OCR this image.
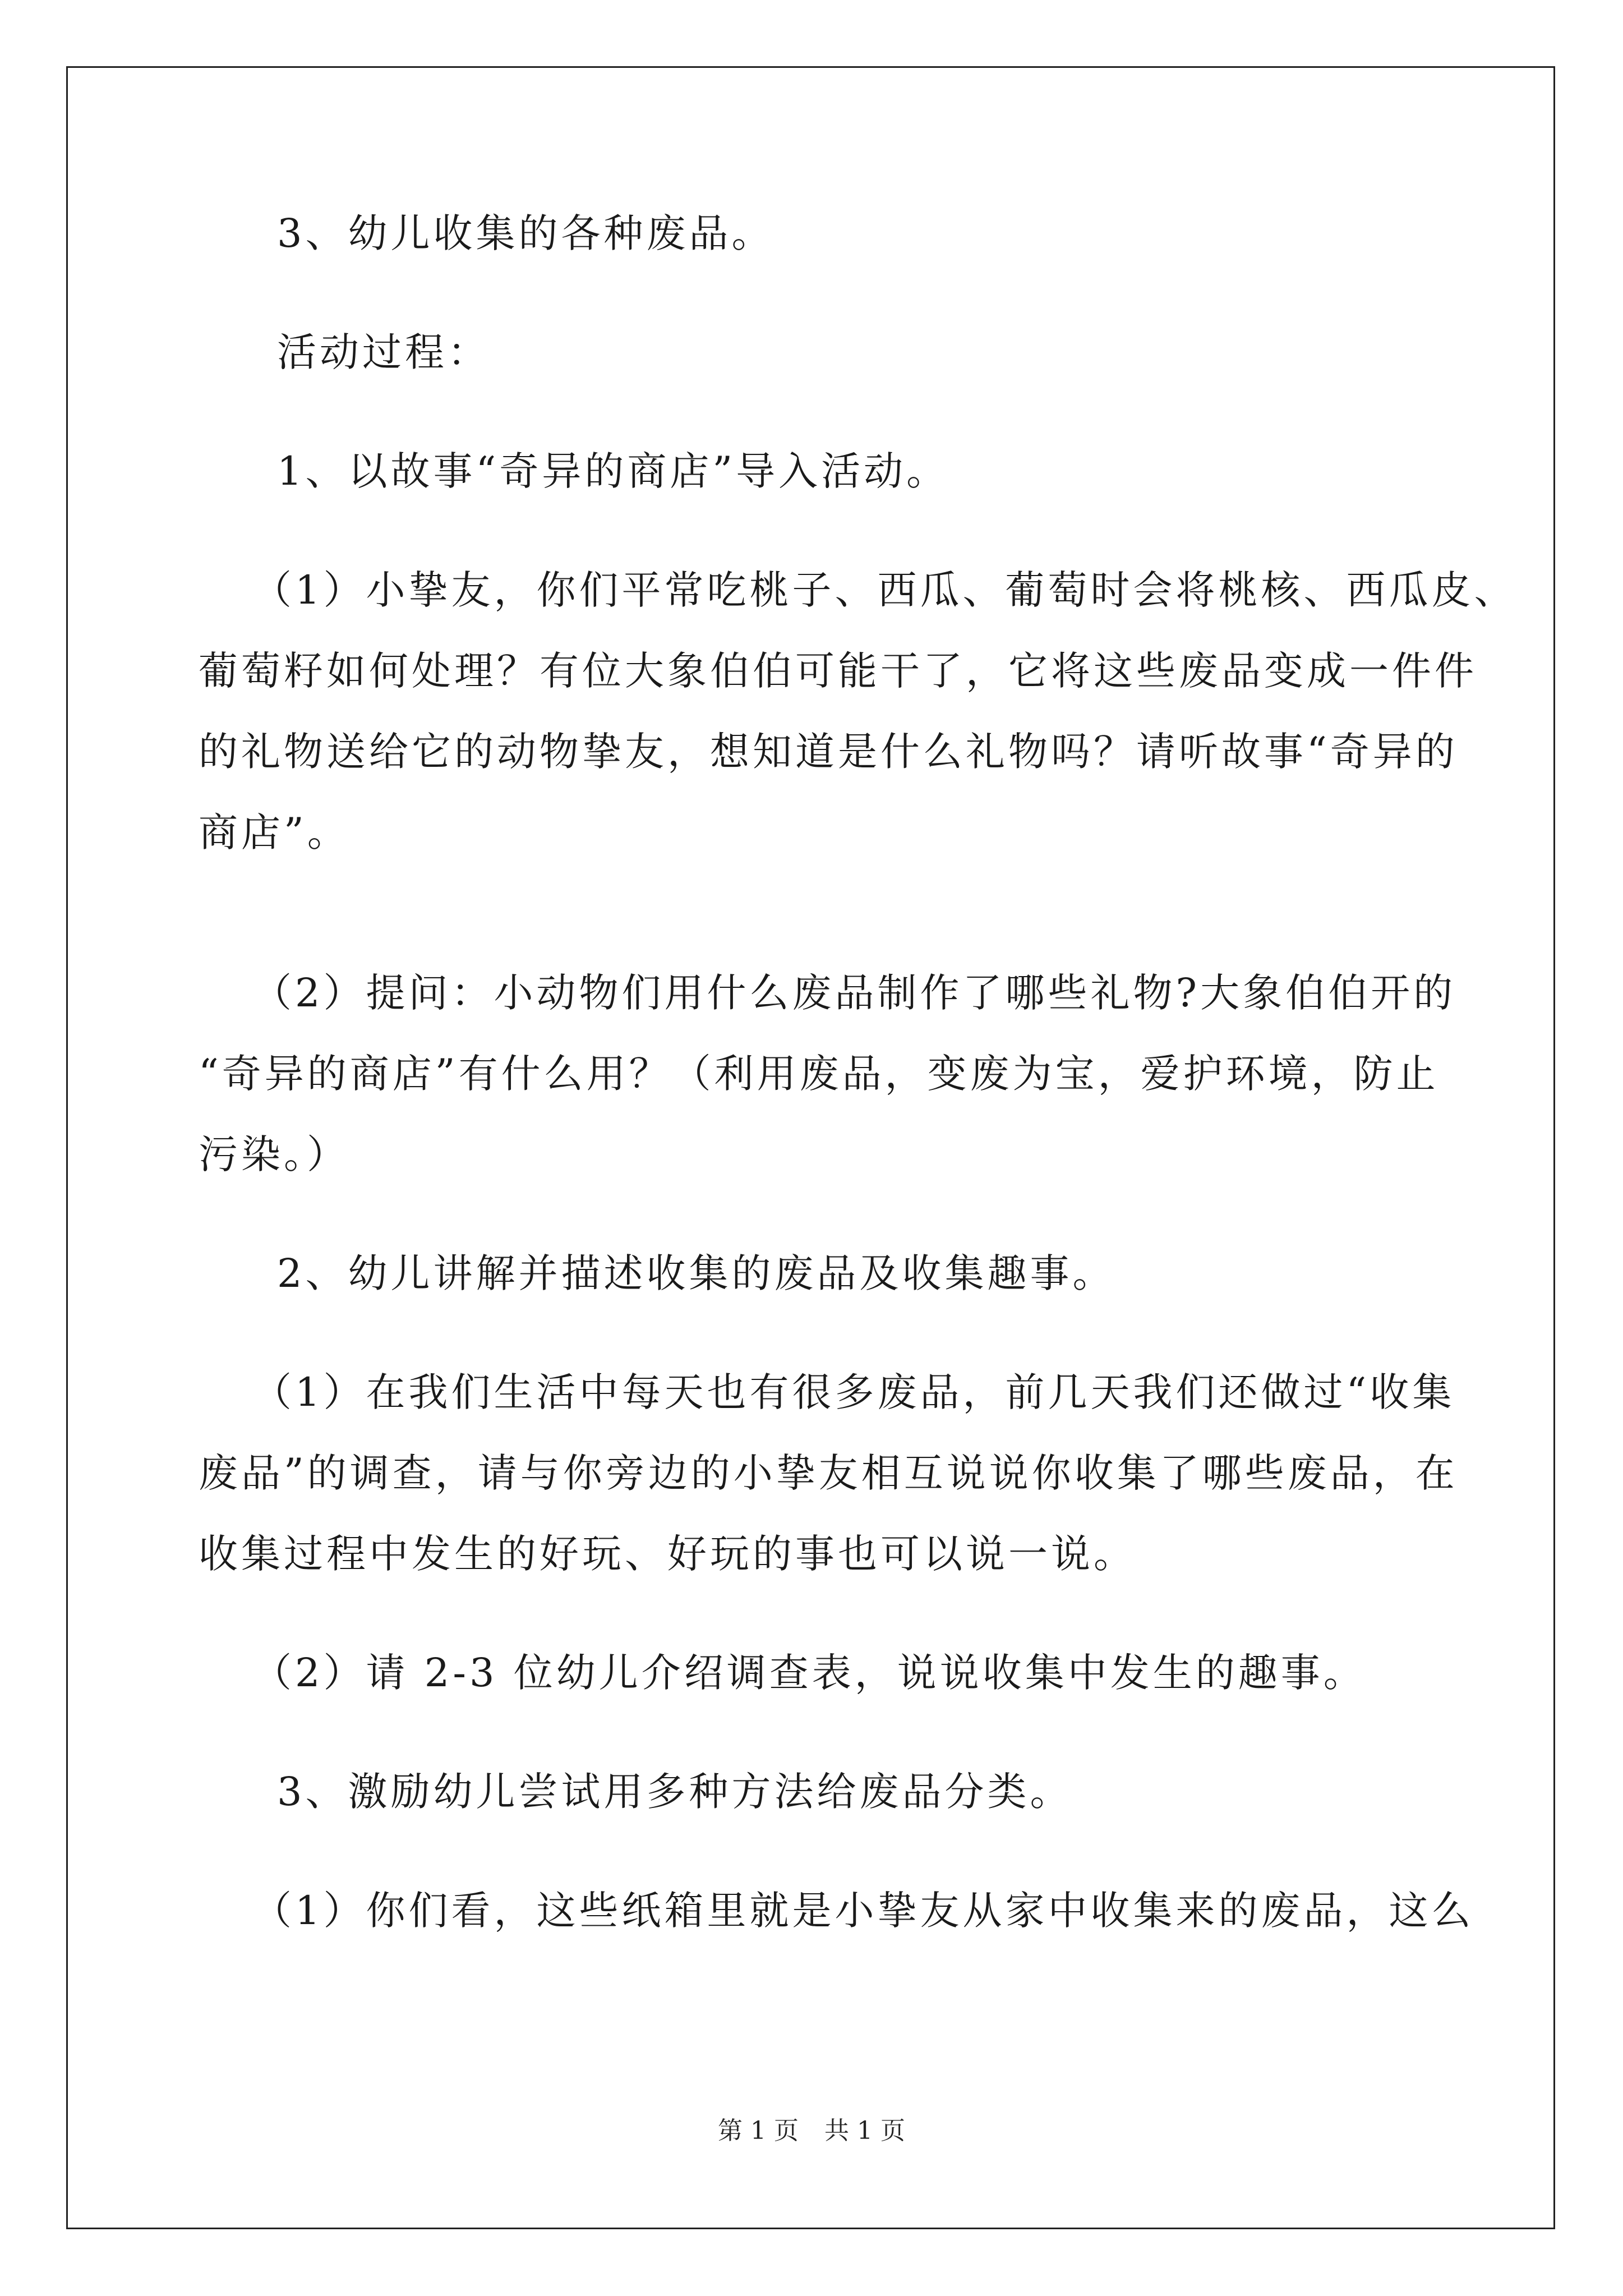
3、幼儿收集的各种废品。
活动过程：
1、以故事“奇异的商店”导入活动。
（1）小挚友，你们平常吃桃子、西瓜、葡萄时会将桃核、西瓜皮、
葡萄籽如何处理？有位大象伯伯可能干了，它将这些废品变成一件件
的礼物送给它的动物挚友，想知道是什么礼物吗？请听故事“奇异的
商店”。
（2）提问：小动物们用什么废品制作了哪些礼物?大象伯伯开的
“奇异的商店”有什么用？（利用废品，变废为宝，爱护环境，防止
污染。）
2、幼儿讲解并描述收集的废品及收集趣事。
（1）在我们生活中每天也有很多废品，前几天我们还做过“收集
废品”的调查，请与你旁边的小挚友相互说说你收集了哪些废品，在
收集过程中发生的好玩、好玩的事也可以说一说。
（2）请 2-3 位幼儿介绍调查表，说说收集中发生的趣事。
3、激励幼儿尝试用多种方法给废品分类。
（1）你们看，这些纸箱里就是小挚友从家中收集来的废品，这么
第 1 页 共 1 页
